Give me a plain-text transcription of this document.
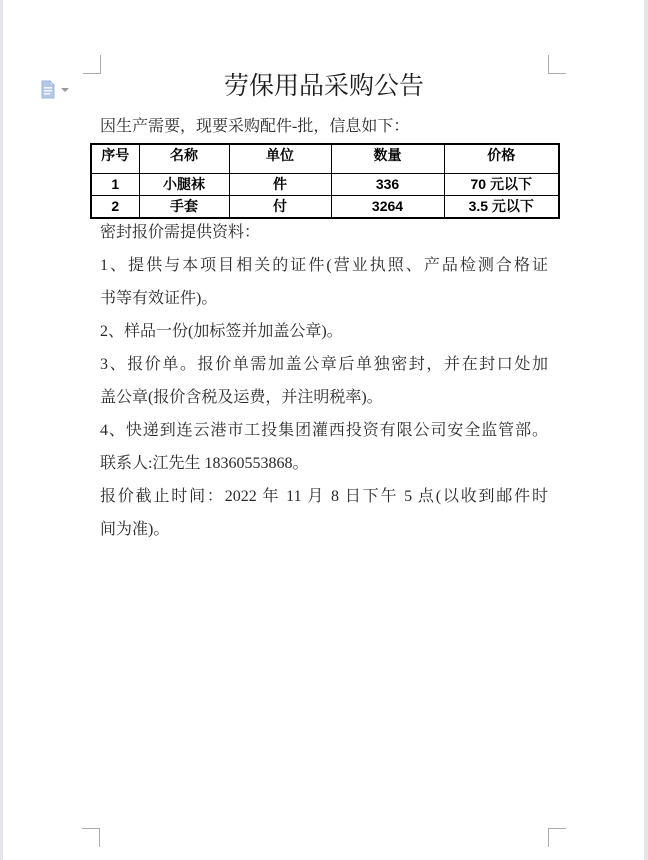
劳保用品采购公告
因生产需要，现要采购配件-批，信息如下：
序号	名称	单位	数量	价格
1	小腿袜	件	336	70 元以下
2	手套	付	3264	3.5 元以下
密封报价需提供资料：
1、提供与本项目相关的证件(营业执照、产品检测合格证
书等有效证件)。
2、样品一份(加标签并加盖公章)。
3、报价单。报价单需加盖公章后单独密封，并在封口处加
盖公章(报价含税及运费，并注明税率)。
4、快递到连云港市工投集团灌西投资有限公司安全监管部。
联系人:江先生 18360553868。
报价截止时间：2022 年 11 月 8 日下午 5 点(以收到邮件时
间为准)。
